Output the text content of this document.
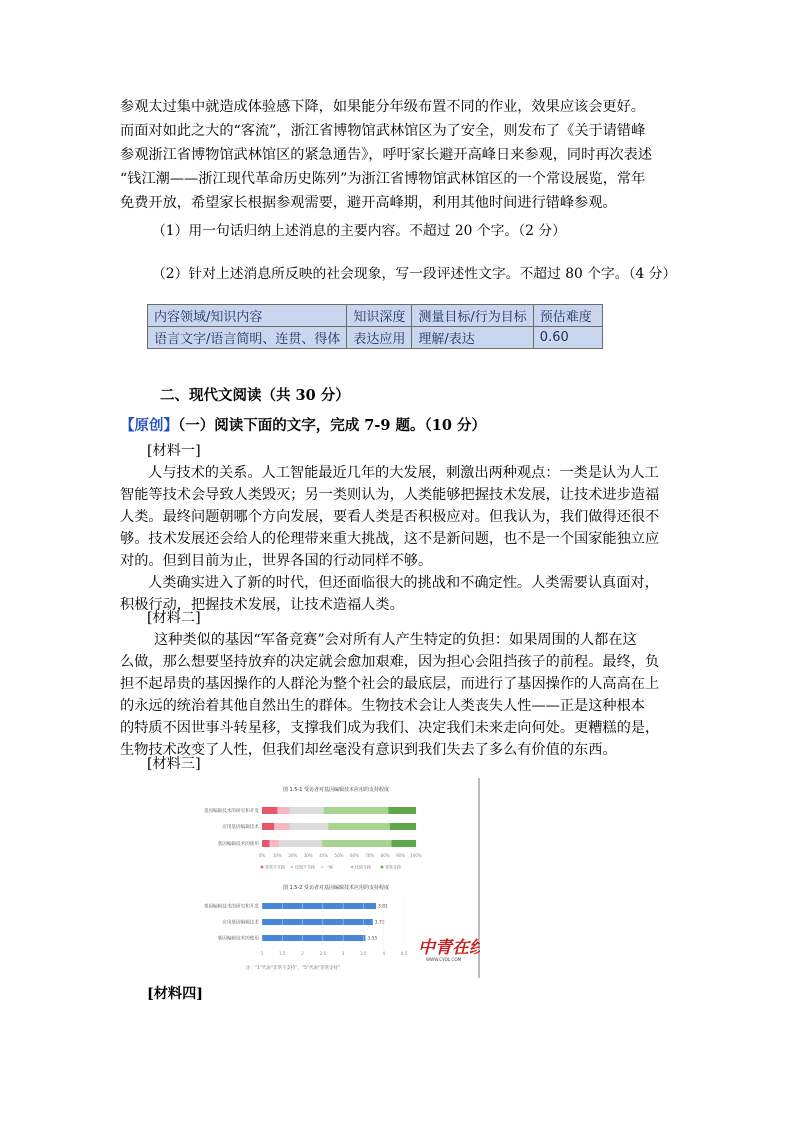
参观太过集中就造成体验感下降，如果能分年级布置不同的作业，效果应该会更好。

而面对如此之大的“客流”，浙江省博物馆武林馆区为了安全，则发布了《关于请错峰

参观浙江省博物馆武林馆区的紧急通告》，呼吁家长避开高峰日来参观，同时再次表述

“钱江潮——浙江现代革命历史陈列”为浙江省博物馆武林馆区的一个常设展览，常年

免费开放，希望家长根据参观需要，避开高峰期，利用其他时间进行错峰参观。

（1）用一句话归纳上述消息的主要内容。不超过 20 个字。（2 分）

（2）针对上述消息所反映的社会现象，写一段评述性文字。不超过 80 个字。（4 分）

内容领域/知识内容	知识深度	测量目标/行为目标	预估难度
语言文字/语言简明、连贯、得体	表达应用	理解/表达	0.60

二、现代文阅读（共 30 分）

【原创】（一）阅读下面的文字，完成 7-9 题。（10 分）

[材料一]

人与技术的关系。人工智能最近几年的大发展，刺激出两种观点：一类是认为人工

智能等技术会导致人类毁灭；另一类则认为，人类能够把握技术发展，让技术进步造福

人类。最终问题朝哪个方向发展，要看人类是否积极应对。但我认为，我们做得还很不

够。技术发展还会给人的伦理带来重大挑战，这不是新问题，也不是一个国家能独立应

对的。但到目前为止，世界各国的行动同样不够。

人类确实进入了新的时代，但还面临很大的挑战和不确定性。人类需要认真面对，

积极行动，把握技术发展，让技术造福人类。

[材料二]

这种类似的基因“军备竞赛”会对所有人产生特定的负担：如果周围的人都在这

么做，那么想要坚持放弃的决定就会愈加艰难，因为担心会阻挡孩子的前程。最终，负

担不起昂贵的基因操作的人群沦为整个社会的最底层，而进行了基因操作的人高高在上

的永远的统治着其他自然出生的群体。生物技术会让人类丧失人性——正是这种根本

的特质不因世事斗转星移，支撑我们成为我们、决定我们未来走向何处。更糟糕的是，

生物技术改变了人性，但我们却丝毫没有意识到我们失去了多么有价值的东西。

[材料三]

图 1.5-1 受访者对基因编辑技术应用的支持程度
基因编辑技术的研究和开发
应用基因编辑技术
基因编辑技术的使用
0% 10% 20% 30% 40% 50% 60% 70% 80% 90% 100%
非常不支持	比较不支持	一般	比较支持	非常支持
图 1.5-2 受访者对基因编辑技术应用的支持程度
基因编辑技术的研究和开发	3.81
应用基因编辑技术	3.73
基因编辑技术的使用	3.55
1	1.5	2	2.5	3	3.5	4	4.5
注：“1”代表“非常不支持”，“5”代表“非常支持”
中青在线
WWW.CYOL.COM

[材料四]
